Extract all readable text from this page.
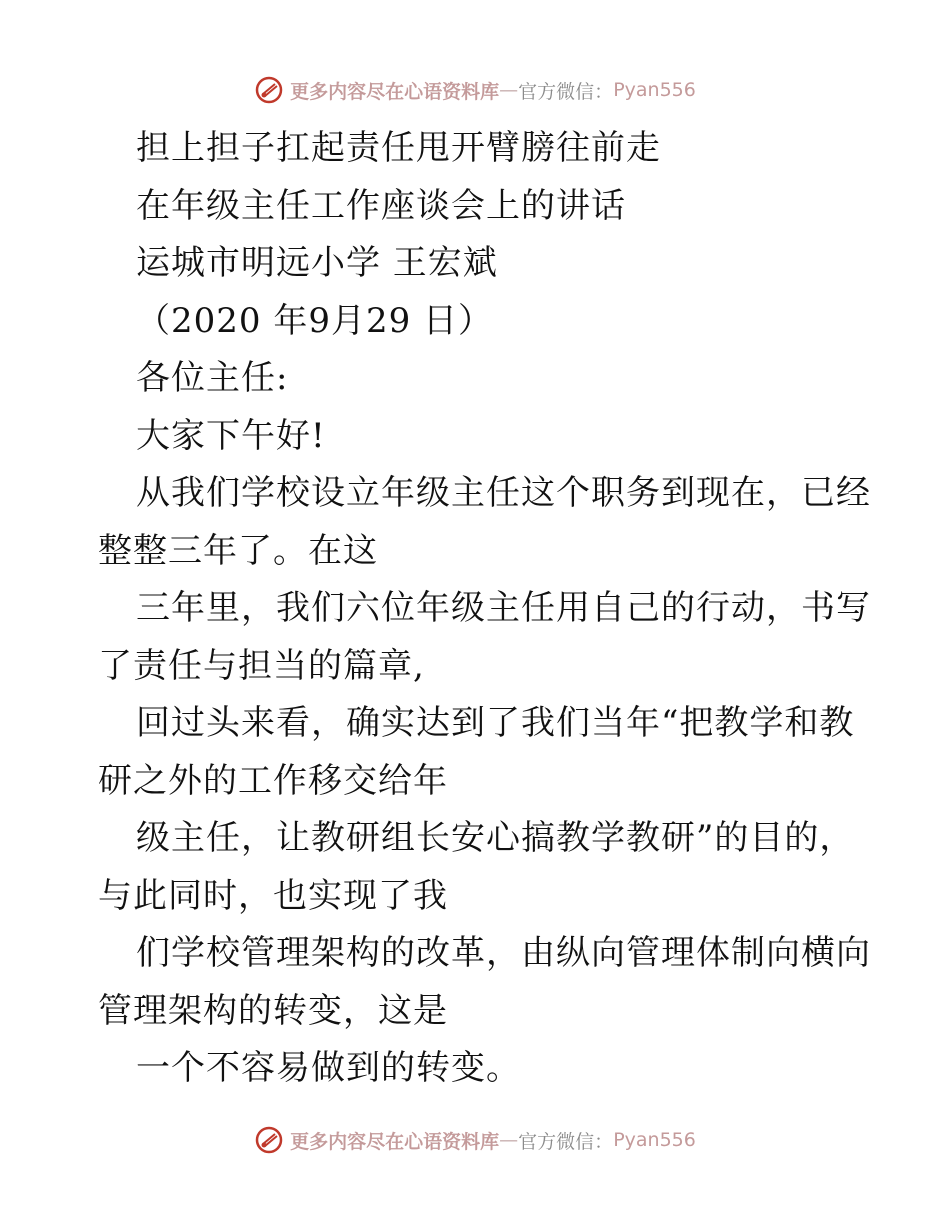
更多内容尽在心语资料库 — 官方微信： Pyan556
担上担子扛起责任甩开臂膀往前走
在年级主任工作座谈会上的讲话
运城市明远小学 王宏斌
（2020 年9月29 日）
各位主任:
大家下午好!
从我们学校设立年级主任这个职务到现在，已经
整整三年了。在这
三年里，我们六位年级主任用自己的行动，书写
了责任与担当的篇章,
回过头来看，确实达到了我们当年“把教学和教
研之外的工作移交给年
级主任，让教研组长安心搞教学教研”的目的，
与此同时，也实现了我
们学校管理架构的改革，由纵向管理体制向横向
管理架构的转变，这是
一个不容易做到的转变。
更多内容尽在心语资料库 — 官方微信： Pyan556
